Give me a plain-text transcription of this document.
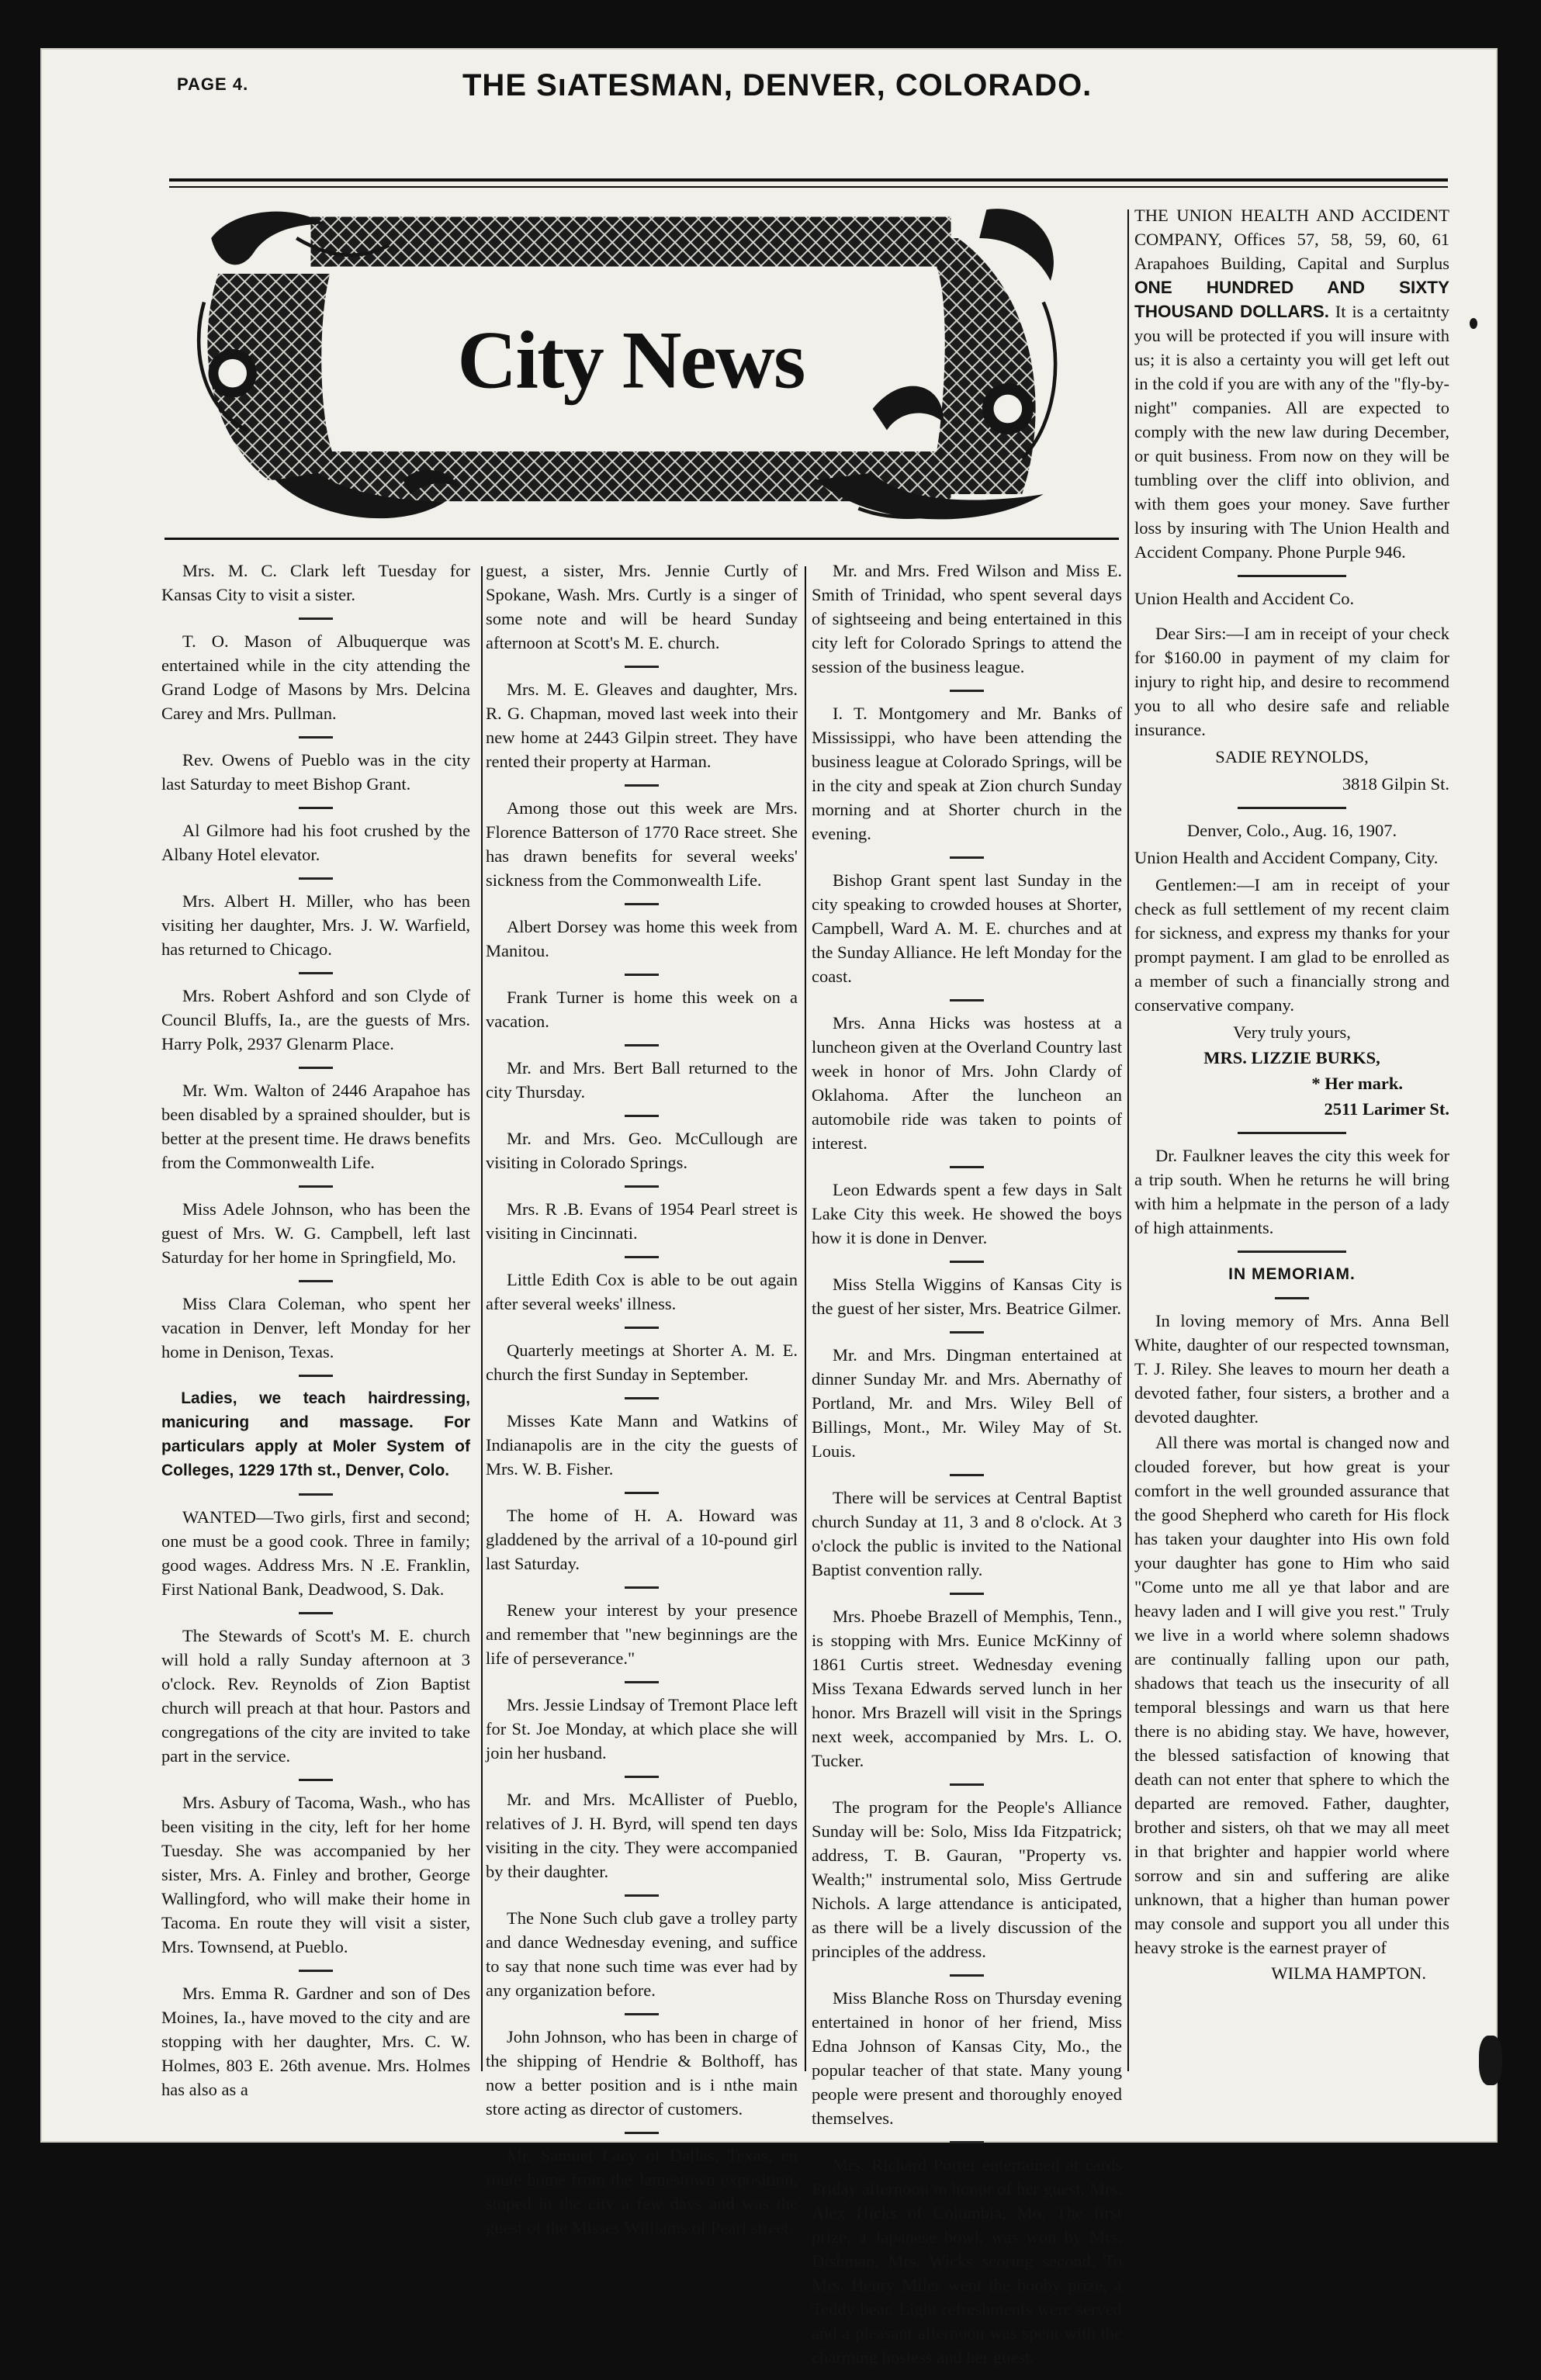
PAGE 4.	THE SıATESMAN, DENVER, COLORADO.
City News

Mrs. M. C. Clark left Tuesday for Kansas City to visit a sister.

T. O. Mason of Albuquerque was entertained while in the city attending the Grand Lodge of Masons by Mrs. Delcina Carey and Mrs. Pullman.

Rev. Owens of Pueblo was in the city last Saturday to meet Bishop Grant.

Al Gilmore had his foot crushed by the Albany Hotel elevator.

Mrs. Albert H. Miller, who has been visiting her daughter, Mrs. J. W. Warfield, has returned to Chicago.

Mrs. Robert Ashford and son Clyde of Council Bluffs, Ia., are the guests of Mrs. Harry Polk, 2937 Glenarm Place.

Mr. Wm. Walton of 2446 Arapahoe has been disabled by a sprained shoulder, but is better at the present time. He draws benefits from the Commonwealth Life.

Miss Adele Johnson, who has been the guest of Mrs. W. G. Campbell, left last Saturday for her home in Springfield, Mo.

Miss Clara Coleman, who spent her vacation in Denver, left Monday for her home in Denison, Texas.

Ladies, we teach hairdressing, manicuring and massage. For particulars apply at Moler System of Colleges, 1229 17th st., Denver, Colo.

WANTED—Two girls, first and second; one must be a good cook. Three in family; good wages. Address Mrs. N .E. Franklin, First National Bank, Deadwood, S. Dak.

The Stewards of Scott's M. E. church will hold a rally Sunday afternoon at 3 o'clock. Rev. Reynolds of Zion Baptist church will preach at that hour. Pastors and congregations of the city are invited to take part in the service.

Mrs. Asbury of Tacoma, Wash., who has been visiting in the city, left for her home Tuesday. She was accompanied by her sister, Mrs. A. Finley and brother, George Wallingford, who will make their home in Tacoma. En route they will visit a sister, Mrs. Townsend, at Pueblo.

Mrs. Emma R. Gardner and son of Des Moines, Ia., have moved to the city and are stopping with her daughter, Mrs. C. W. Holmes, 803 E. 26th avenue. Mrs. Holmes has also as a

guest, a sister, Mrs. Jennie Curtly of Spokane, Wash. Mrs. Curtly is a singer of some note and will be heard Sunday afternoon at Scott's M. E. church.

Mrs. M. E. Gleaves and daughter, Mrs. R. G. Chapman, moved last week into their new home at 2443 Gilpin street. They have rented their property at Harman.

Among those out this week are Mrs. Florence Batterson of 1770 Race street. She has drawn benefits for several weeks' sickness from the Commonwealth Life.

Albert Dorsey was home this week from Manitou.

Frank Turner is home this week on a vacation.

Mr. and Mrs. Bert Ball returned to the city Thursday.

Mr. and Mrs. Geo. McCullough are visiting in Colorado Springs.

Mrs. R .B. Evans of 1954 Pearl street is visiting in Cincinnati.

Little Edith Cox is able to be out again after several weeks' illness.

Quarterly meetings at Shorter A. M. E. church the first Sunday in September.

Misses Kate Mann and Watkins of Indianapolis are in the city the guests of Mrs. W. B. Fisher.

The home of H. A. Howard was gladdened by the arrival of a 10-pound girl last Saturday.

Renew your interest by your presence and remember that "new beginnings are the life of perseverance."

Mrs. Jessie Lindsay of Tremont Place left for St. Joe Monday, at which place she will join her husband.

Mr. and Mrs. McAllister of Pueblo, relatives of J. H. Byrd, will spend ten days visiting in the city. They were accompanied by their daughter.

The None Such club gave a trolley party and dance Wednesday evening, and suffice to say that none such time was ever had by any organization before.

John Johnson, who has been in charge of the shipping of Hendrie & Bolthoff, has now a better position and is i nthe main store acting as director of customers.

Mr. Samuel Lacy of Dallas, Texas, en route home from the Jamestown exposition, stoped in the city a few days and was the guest of the Misses Williams of Pearl street.

Mr. and Mrs. Fred Wilson and Miss E. Smith of Trinidad, who spent several days of sightseeing and being entertained in this city left for Colorado Springs to attend the session of the business league.

I. T. Montgomery and Mr. Banks of Mississippi, who have been attending the business league at Colorado Springs, will be in the city and speak at Zion church Sunday morning and at Shorter church in the evening.

Bishop Grant spent last Sunday in the city speaking to crowded houses at Shorter, Campbell, Ward A. M. E. churches and at the Sunday Alliance. He left Monday for the coast.

Mrs. Anna Hicks was hostess at a luncheon given at the Overland Country last week in honor of Mrs. John Clardy of Oklahoma. After the luncheon an automobile ride was taken to points of interest.

Leon Edwards spent a few days in Salt Lake City this week. He showed the boys how it is done in Denver.

Miss Stella Wiggins of Kansas City is the guest of her sister, Mrs. Beatrice Gilmer.

Mr. and Mrs. Dingman entertained at dinner Sunday Mr. and Mrs. Abernathy of Portland, Mr. and Mrs. Wiley Bell of Billings, Mont., Mr. Wiley May of St. Louis.

There will be services at Central Baptist church Sunday at 11, 3 and 8 o'clock. At 3 o'clock the public is invited to the National Baptist convention rally.

Mrs. Phoebe Brazell of Memphis, Tenn., is stopping with Mrs. Eunice McKinny of 1861 Curtis street. Wednesday evening Miss Texana Edwards served lunch in her honor. Mrs Brazell will visit in the Springs next week, accompanied by Mrs. L. O. Tucker.

The program for the People's Alliance Sunday will be: Solo, Miss Ida Fitzpatrick; address, T. B. Gauran, "Property vs. Wealth;" instrumental solo, Miss Gertrude Nichols. A large attendance is anticipated, as there will be a lively discussion of the principles of the address.

Miss Blanche Ross on Thursday evening entertained in honor of her friend, Miss Edna Johnson of Kansas City, Mo., the popular teacher of that state. Many young people were present and thoroughly enoyed themselves.

Mrs. Richard Porter entertained at cards Friday afternoon in honor of her guest, Mrs. Alex Hicks of Columbia, Mo. The first prize, a Japanese bowl, was won by Mrs. Dishman, Mrs. Wicks scoring second. To Mrs. Henry Miler went the booby prize, a Teddy bear. Light refreshments were served and a pleasant afternoon was spent with the charming hostess and her guest.

THE UNION HEALTH AND ACCIDENT COMPANY, Offices 57, 58, 59, 60, 61 Arapahoes Building, Capital and Surplus ONE HUNDRED AND SIXTY THOUSAND DOLLARS. It is a certaitnty you will be protected if you will insure with us; it is also a certainty you will get left out in the cold if you are with any of the "fly-by-night" companies. All are expected to comply with the new law during December, or quit business. From now on they will be tumbling over the cliff into oblivion, and with them goes your money. Save further loss by insuring with The Union Health and Accident Company. Phone Purple 946.

Union Health and Accident Co.

Dear Sirs:—I am in receipt of your check for $160.00 in payment of my claim for injury to right hip, and desire to recommend you to all who desire safe and reliable insurance.

SADIE REYNOLDS,

3818 Gilpin St.

Denver, Colo., Aug. 16, 1907.

Union Health and Accident Company, City.

Gentlemen:—I am in receipt of your check as full settlement of my recent claim for sickness, and express my thanks for your prompt payment. I am glad to be enrolled as a member of such a financially strong and conservative company.

Very truly yours,

MRS. LIZZIE BURKS,

* Her mark.

2511 Larimer St.

Dr. Faulkner leaves the city this week for a trip south. When he returns he will bring with him a helpmate in the person of a lady of high attainments.

IN MEMORIAM.

In loving memory of Mrs. Anna Bell White, daughter of our respected townsman, T. J. Riley. She leaves to mourn her death a devoted father, four sisters, a brother and a devoted daughter.

All there was mortal is changed now and clouded forever, but how great is your comfort in the well grounded assurance that the good Shepherd who careth for His flock has taken your daughter into His own fold your daughter has gone to Him who said "Come unto me all ye that labor and are heavy laden and I will give you rest." Truly we live in a world where solemn shadows are continually falling upon our path, shadows that teach us the insecurity of all temporal blessings and warn us that here there is no abiding stay. We have, however, the blessed satisfaction of knowing that death can not enter that sphere to which the departed are removed. Father, daughter, brother and sisters, oh that we may all meet in that brighter and happier world where sorrow and sin and suffering are alike unknown, that a higher than human power may console and support you all under this heavy stroke is the earnest prayer of

WILMA HAMPTON.
